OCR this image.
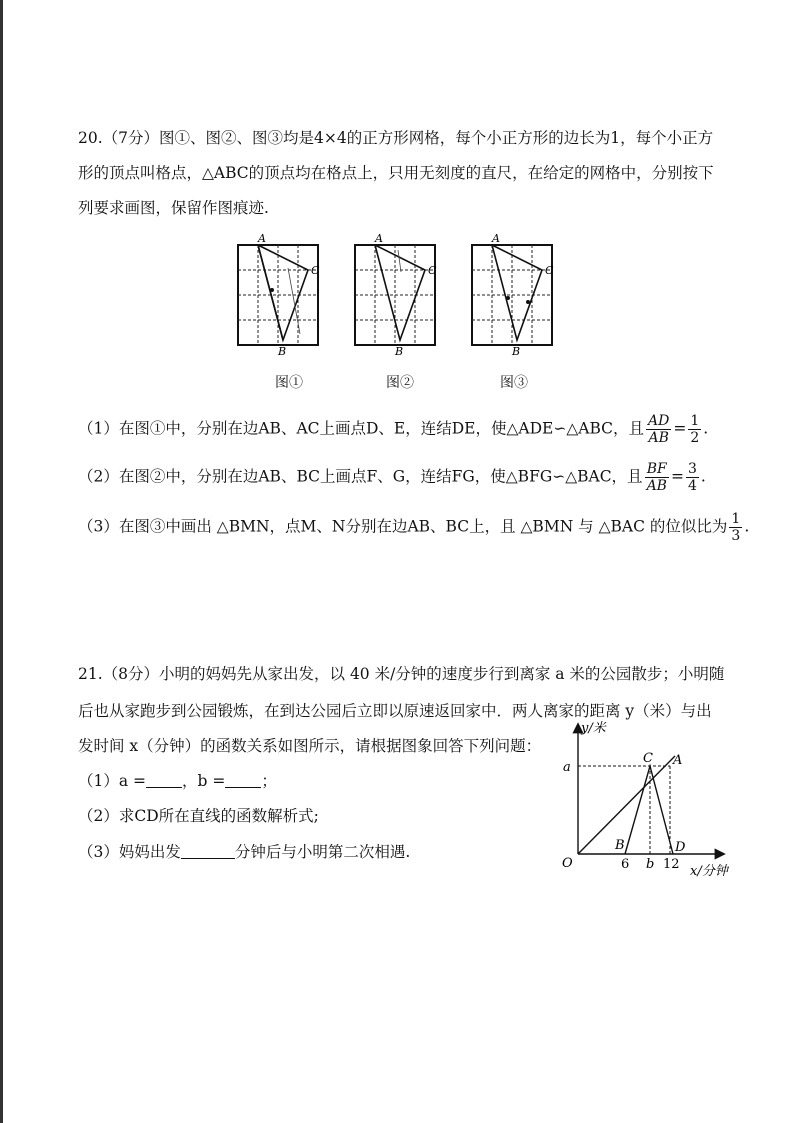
20.（7分）图①、图②、图③均是4×4的正方形网格，每个小正方形的边长为1，每个小正方
形的顶点叫格点，△ABC的顶点均在格点上，只用无刻度的直尺，在给定的网格中，分别按下
列要求画图，保留作图痕迹.
A
B
C
A
B
C
A
B
C
图①	图②	图③
（1）在图①中，分别在边AB、AC上画点D、E，连结DE，使△ADE∽△ABC，且 $\frac{AD}{AB} = \frac{1}{2}$ .
（2）在图②中，分别在边AB、BC上画点F、G，连结FG，使△BFG∽△BAC，且 $\frac{BF}{AB} = \frac{3}{4}$ .
（3）在图③中画出 △BMN，点M、N分别在边AB、BC上，且 △BMN 与 △BAC 的位似比为 $\frac{1}{3}$ .
21.（8分）小明的妈妈先从家出发，以 40 米/分钟的速度步行到离家 a 米的公园散步；小明随
后也从家跑步到公园锻炼，在到达公园后立即以原速返回家中．两人离家的距离 y（米）与出
发时间 x（分钟）的函数关系如图所示，请根据图象回答下列问题：
（1）a = ，b = ；
（2）求CD所在直线的函数解析式;
（3）妈妈出发	分钟后与小明第二次相遇.
y/米
x/分钟
O
a
6 b 12
A
B
C
D
